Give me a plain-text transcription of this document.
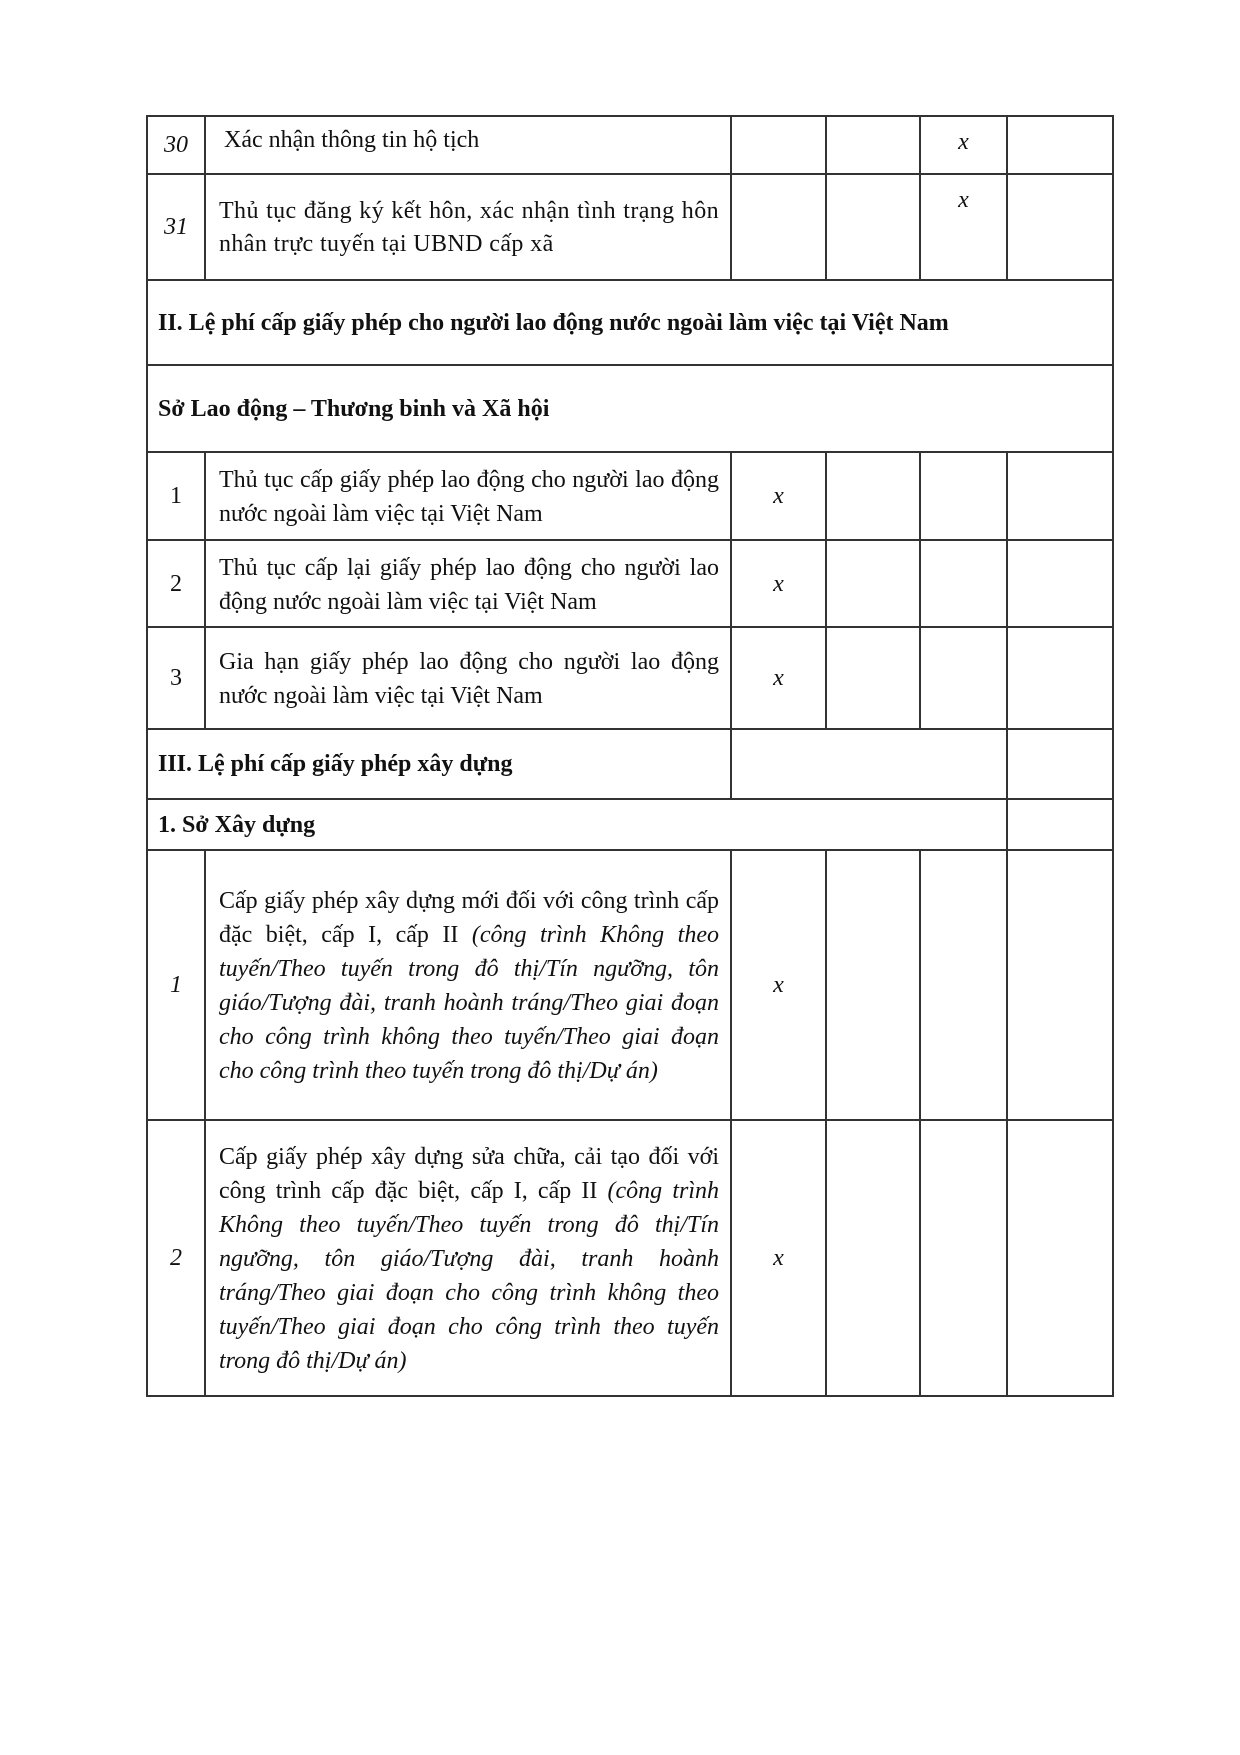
30	Xác nhận thông tin hộ tịch			x	
31	Thủ tục đăng ký kết hôn, xác nhận tình trạng hôn nhân trực tuyến tại UBND cấp xã			x	
II. Lệ phí cấp giấy phép cho người lao động nước ngoài làm việc tại Việt Nam					
Sở Lao động – Thương binh và Xã hội					
1	Thủ tục cấp giấy phép lao động cho người lao động nước ngoài làm việc tại Việt Nam	x			
2	Thủ tục cấp lại giấy phép lao động cho người lao động nước ngoài làm việc tại Việt Nam	x			
3	Gia hạn giấy phép lao động cho người lao động nước ngoài làm việc tại Việt Nam	x			
III. Lệ phí cấp giấy phép xây dựng					
1. Sở Xây dựng					
1	Cấp giấy phép xây dựng mới đối với công trình cấp đặc biệt, cấp I, cấp II (công trình Không theo tuyến/Theo tuyến trong đô thị/Tín ngưỡng, tôn giáo/Tượng đài, tranh hoành tráng/Theo giai đoạn cho công trình không theo tuyến/Theo giai đoạn cho công trình theo tuyến trong đô thị/Dự án)	x			
2	Cấp giấy phép xây dựng sửa chữa, cải tạo đối với công trình cấp đặc biệt, cấp I, cấp II (công trình Không theo tuyến/Theo tuyến trong đô thị/Tín ngưỡng, tôn giáo/Tượng đài, tranh hoành tráng/Theo giai đoạn cho công trình không theo tuyến/Theo giai đoạn cho công trình theo tuyến trong đô thị/Dự án)	x			
